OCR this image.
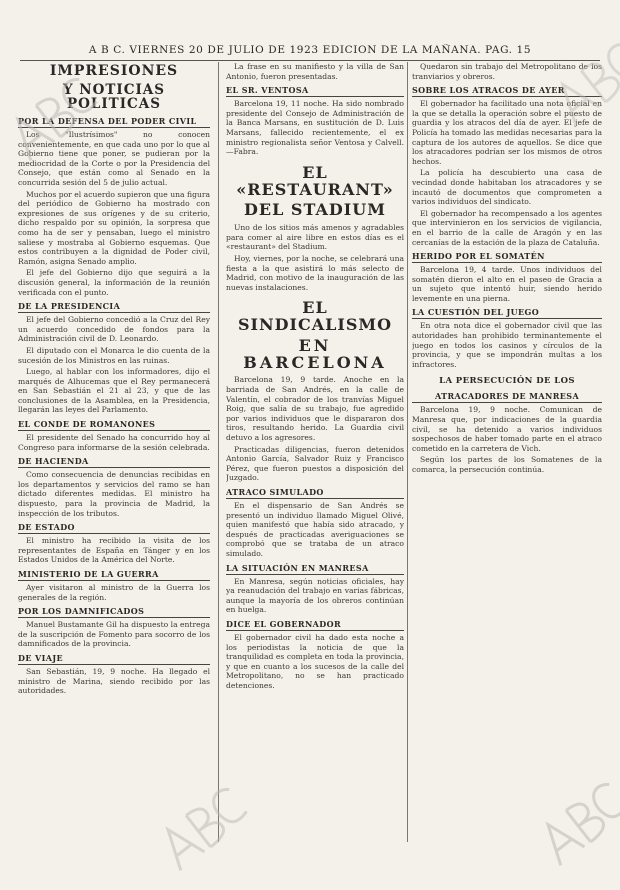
A B C. VIERNES 20 DE JULIO DE 1923 EDICION DE LA MAÑANA. PAG. 15
IMPRESIONES
Y NOTICIAS POLITICAS
POR LA DEFENSA DEL PODER CIVIL

Los "Ilustrísimos" no conocen convenientemente, en que cada uno por lo que al Gobierno tiene que poner, se pudieran por la mediocridad de la Corte o por la Presidencia del Consejo, que están como al Senado en la concurrida sesión del 5 de julio actual.

Muchos por el acuerdo supieron que una figura del periódico de Gobierno ha mostrado con expresiones de sus orígenes y de su criterio, dicho respaldo por su opinión, la sorpresa que como ha de ser y pensaban, luego el ministro saliese y mostraba al Gobierno esquemas. Que estos contribuyen a la dignidad de Poder civil, Ramón, asigna Senado amplio.

El jefe del Gobierno dijo que seguirá a la discusión general, la información de la reunión verificada con el punto.

DE LA PRESIDENCIA

El jefe del Gobierno concedió a la Cruz del Rey un acuerdo concedido de fondos para la Administración civil de D. Leonardo.

El diputado con el Monarca le dio cuenta de la sucesión de los Ministros en las ruinas.

Luego, al hablar con los informadores, dijo el marqués de Alhucemas que el Rey permanecerá en San Sebastián el 21 al 23, y que de las conclusiones de la Asamblea, en la Presidencia, llegarán las leyes del Parlamento.

EL CONDE DE ROMANONES

El presidente del Senado ha concurrido hoy al Congreso para informarse de la sesión celebrada.

DE HACIENDA

Como consecuencia de denuncias recibidas en los departamentos y servicios del ramo se han dictado diferentes medidas. El ministro ha dispuesto, para la provincia de Madrid, la inspección de los tributos.

DE ESTADO

El ministro ha recibido la visita de los representantes de España en Tánger y en los Estados Unidos de la América del Norte.

MINISTERIO DE LA GUERRA

Ayer visitaron al ministro de la Guerra los generales de la región.

POR LOS DAMNIFICADOS

Manuel Bustamante Gil ha dispuesto la entrega de la suscripción de Fomento para socorro de los damnificados de la provincia.

DE VIAJE

San Sebastián, 19, 9 noche. Ha llegado el ministro de Marina, siendo recibido por las autoridades.

La frase en su manifiesto y la villa de San Antonio, fueron presentadas.

EL SR. VENTOSA

Barcelona 19, 11 noche. Ha sido nombrado presidente del Consejo de Administración de la Banca Marsans, en sustitución de D. Luis Marsans, fallecido recientemente, el ex ministro regionalista señor Ventosa y Calvell.—Fabra.

EL «RESTAURANT»
DEL STADIUM

Uno de los sitios más amenos y agradables para comer al aire libre en estos días es el «restaurant» del Stadium.

Hoy, viernes, por la noche, se celebrará una fiesta a la que asistirá lo más selecto de Madrid, con motivo de la inauguración de las nuevas instalaciones.

EL SINDICALISMO
EN BARCELONA

Barcelona 19, 9 tarde. Anoche en la barriada de San Andrés, en la calle de Valentín, el cobrador de los tranvías Miguel Roig, que salía de su trabajo, fue agredido por varios individuos que le dispararon dos tiros, resultando herido. La Guardia civil detuvo a los agresores.

Practicadas diligencias, fueron detenidos Antonio García, Salvador Ruiz y Francisco Pérez, que fueron puestos a disposición del Juzgado.

ATRACO SIMULADO

En el dispensario de San Andrés se presentó un individuo llamado Miguel Olivé, quien manifestó que había sido atracado, y después de practicadas averiguaciones se comprobó que se trataba de un atraco simulado.

LA SITUACIÓN EN MANRESA

En Manresa, según noticias oficiales, hay ya reanudación del trabajo en varias fábricas, aunque la mayoría de los obreros continúan en huelga.

DICE EL GOBERNADOR

El gobernador civil ha dado esta noche a los periodistas la noticia de que la tranquilidad es completa en toda la provincia, y que en cuanto a los sucesos de la calle del Metropolitano, no se han practicado detenciones.

Quedaron sin trabajo del Metropolitano de los tranviarios y obreros.

SOBRE LOS ATRACOS DE AYER

El gobernador ha facilitado una nota oficial en la que se detalla la operación sobre el puesto de guardia y los atracos del día de ayer. El jefe de Policía ha tomado las medidas necesarias para la captura de los autores de aquellos. Se dice que los atracadores podrían ser los mismos de otros hechos.

La policía ha descubierto una casa de vecindad donde habitaban los atracadores y se incautó de documentos que comprometen a varios individuos del sindicato.

El gobernador ha recompensado a los agentes que intervinieron en los servicios de vigilancia, en el barrio de la calle de Aragón y en las cercanías de la estación de la plaza de Cataluña.

HERIDO POR EL SOMATÉN

Barcelona 19, 4 tarde. Unos individuos del somatén dieron el alto en el paseo de Gracia a un sujeto que intentó huir, siendo herido levemente en una pierna.

LA CUESTIÓN DEL JUEGO

En otra nota dice el gobernador civil que las autoridades han prohibido terminantemente el juego en todos los casinos y círculos de la provincia, y que se impondrán multas a los infractores.

LA PERSECUCIÓN DE LOS
ATRACADORES DE MANRESA

Barcelona 19, 9 noche. Comunican de Manresa que, por indicaciones de la guardia civil, se ha detenido a varios individuos sospechosos de haber tomado parte en el atraco cometido en la carretera de Vich.

Según los partes de los Somatenes de la comarca, la persecución continúa.
